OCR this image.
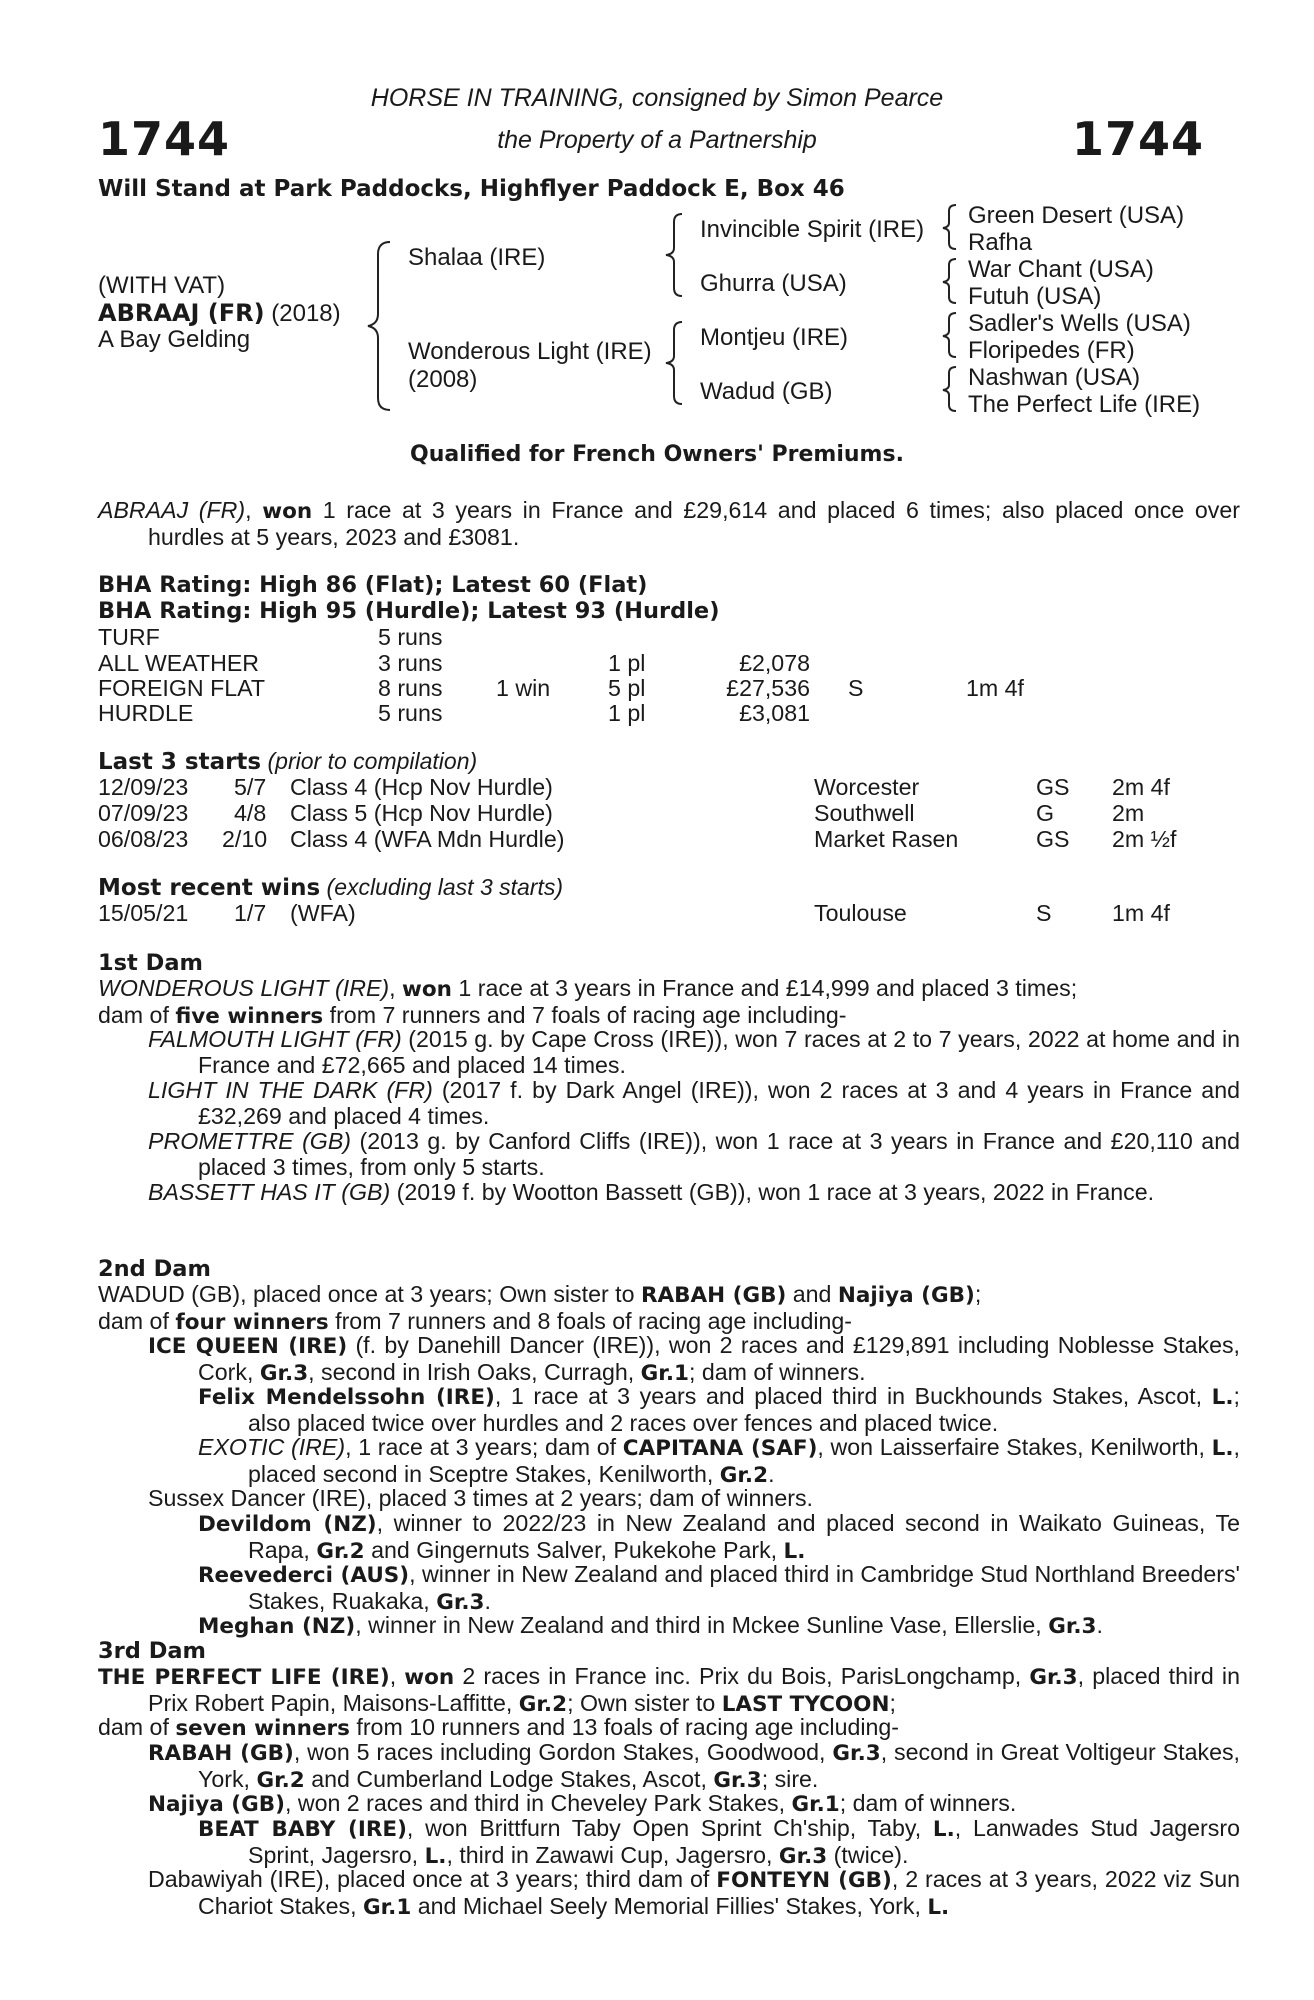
HORSE IN TRAINING, consigned by Simon Pearce
the Property of a Partnership
1744	1744
Will Stand at Park Paddocks, Highflyer Paddock E, Box 46
(WITH VAT)
ABRAAJ (FR) (2018)
A Bay Gelding
Shalaa (IRE)
Wonderous Light (IRE)
(2008)
Invincible Spirit (IRE)
Ghurra (USA)
Montjeu (IRE)
Wadud (GB)
Green Desert (USA)
Rafha
War Chant (USA)
Futuh (USA)
Sadler's Wells (USA)
Floripedes (FR)
Nashwan (USA)
The Perfect Life (IRE)
Qualified for French Owners' Premiums.

ABRAAJ (FR), won 1 race at 3 years in France and £29,614 and placed 6 times; also placed once over hurdles at 5 years, 2023 and £3081.

BHA Rating: High 86 (Flat); Latest 60 (Flat)
BHA Rating: High 95 (Hurdle); Latest 93 (Hurdle)
TURF	5 runs
ALL WEATHER	3 runs	1 pl	£2,078
FOREIGN FLAT	8 runs 1 win 5 pl	£27,536 S	1m 4f
HURDLE	5 runs	1 pl	£3,081
Last 3 starts (prior to compilation)
12/09/23 5/7 Class 4 (Hcp Nov Hurdle)	Worcester	GS 2m 4f
07/09/23 4/8 Class 5 (Hcp Nov Hurdle)	Southwell	G 2m
06/08/23 2/10 Class 4 (WFA Mdn Hurdle)	Market Rasen	GS 2m ½f
Most recent wins (excluding last 3 starts)
15/05/21 1/7 (WFA)	Toulouse	S	1m 4f
1st Dam

WONDEROUS LIGHT (IRE), won 1 race at 3 years in France and £14,999 and placed 3 times;
dam of five winners from 7 runners and 7 foals of racing age including-

FALMOUTH LIGHT (FR) (2015 g. by Cape Cross (IRE)), won 7 races at 2 to 7 years, 2022 at home and in France and £72,665 and placed 14 times.

LIGHT IN THE DARK (FR) (2017 f. by Dark Angel (IRE)), won 2 races at 3 and 4 years in France and £32,269 and placed 4 times.

PROMETTRE (GB) (2013 g. by Canford Cliffs (IRE)), won 1 race at 3 years in France and £20,110 and placed 3 times, from only 5 starts.

BASSETT HAS IT (GB) (2019 f. by Wootton Bassett (GB)), won 1 race at 3 years, 2022 in France.

2nd Dam

WADUD (GB), placed once at 3 years; Own sister to RABAH (GB) and Najiya (GB);
dam of four winners from 7 runners and 8 foals of racing age including-

ICE QUEEN (IRE) (f. by Danehill Dancer (IRE)), won 2 races and £129,891 including Noblesse Stakes, Cork, Gr.3, second in Irish Oaks, Curragh, Gr.1; dam of winners.

Felix Mendelssohn (IRE), 1 race at 3 years and placed third in Buckhounds Stakes, Ascot, L.; also placed twice over hurdles and 2 races over fences and placed twice.

EXOTIC (IRE), 1 race at 3 years; dam of CAPITANA (SAF), won Laisserfaire Stakes, Kenilworth, L., placed second in Sceptre Stakes, Kenilworth, Gr.2.

Sussex Dancer (IRE), placed 3 times at 2 years; dam of winners.

Devildom (NZ), winner to 2022/23 in New Zealand and placed second in Waikato Guineas, Te Rapa, Gr.2 and Gingernuts Salver, Pukekohe Park, L.

Reevederci (AUS), winner in New Zealand and placed third in Cambridge Stud Northland Breeders' Stakes, Ruakaka, Gr.3.

Meghan (NZ), winner in New Zealand and third in Mckee Sunline Vase, Ellerslie, Gr.3.

3rd Dam

THE PERFECT LIFE (IRE), won 2 races in France inc. Prix du Bois, ParisLongchamp, Gr.3, placed third in Prix Robert Papin, Maisons-Laffitte, Gr.2; Own sister to LAST TYCOON;

dam of seven winners from 10 runners and 13 foals of racing age including-

RABAH (GB), won 5 races including Gordon Stakes, Goodwood, Gr.3, second in Great Voltigeur Stakes, York, Gr.2 and Cumberland Lodge Stakes, Ascot, Gr.3; sire.

Najiya (GB), won 2 races and third in Cheveley Park Stakes, Gr.1; dam of winners.

BEAT BABY (IRE), won Brittfurn Taby Open Sprint Ch'ship, Taby, L., Lanwades Stud Jagersro Sprint, Jagersro, L., third in Zawawi Cup, Jagersro, Gr.3 (twice).

Dabawiyah (IRE), placed once at 3 years; third dam of FONTEYN (GB), 2 races at 3 years, 2022 viz Sun Chariot Stakes, Gr.1 and Michael Seely Memorial Fillies' Stakes, York, L.
